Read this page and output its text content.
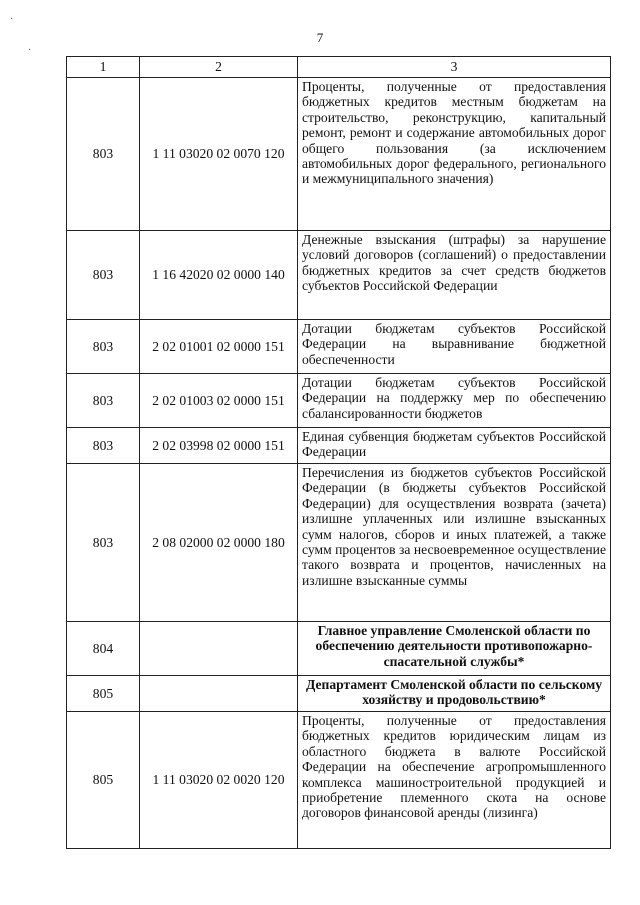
7
·
·
1	2	3
803	1 11 03020 02 0070 120	Проценты, полученные от предоставления бюджетных кредитов местным бюджетам на строительство, реконструкцию, капитальный ремонт, ремонт и содержание автомобильных дорог общего пользования (за исключением автомобильных дорог федерального, регионального и межмуниципального значения)
803	1 16 42020 02 0000 140	Денежные взыскания (штрафы) за нарушение условий договоров (соглашений) о предоставлении бюджетных кредитов за счет средств бюджетов субъектов Российской Федерации
803	2 02 01001 02 0000 151	Дотации бюджетам субъектов Российской Федерации на выравнивание бюджетной обеспеченности
803	2 02 01003 02 0000 151	Дотации бюджетам субъектов Российской Федерации на поддержку мер по обеспечению сбалансированности бюджетов
803	2 02 03998 02 0000 151	Единая субвенция бюджетам субъектов Российской Федерации
803	2 08 02000 02 0000 180	Перечисления из бюджетов субъектов Российской Федерации (в бюджеты субъектов Российской Федерации) для осуществления возврата (зачета) излишне уплаченных или излишне взысканных сумм налогов, сборов и иных платежей, а также сумм процентов за несвоевременное осуществление такого возврата и процентов, начисленных на излишне взысканные суммы
804		Главное управление Смоленской области по обеспечению деятельности противопожарно-спасательной службы*
805		Департамент Смоленской области по сельскому хозяйству и продовольствию*
805	1 11 03020 02 0020 120	Проценты, полученные от предоставления бюджетных кредитов юридическим лицам из областного бюджета в валюте Российской Федерации на обеспечение агропромышленного комплекса машиностроительной продукцией и приобретение племенного скота на основе договоров финансовой аренды (лизинга)
